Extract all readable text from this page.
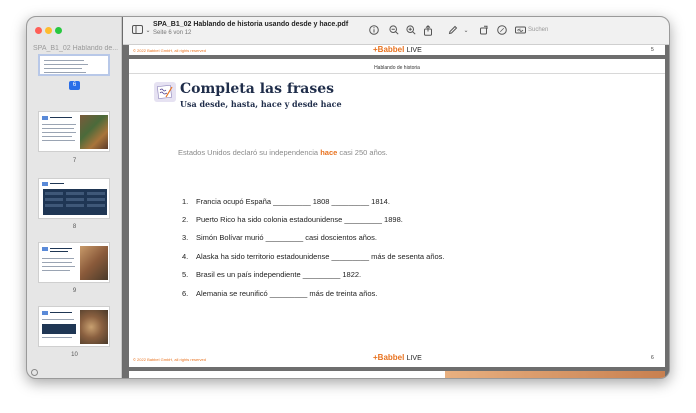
SPA_B1_02 Hablando de...
6
7
8
9
10
⌄
SPA_B1_02 Hablando de historia usando desde y hace.pdf
Seite 6 von 12	⌄	⌕ Suchen
© 2022 Babbel GmbH, all rights reserved	+Babbel LIVE	5
Hablando de historia
Completa las frases
Usa desde, hasta, hace y desde hace
Estados Unidos declaró su independencia hace casi 250 años.
1. Francia ocupó España _________ 1808 _________ 1814.
2. Puerto Rico ha sido colonia estadounidense _________ 1898.
3. Simón Bolívar murió _________ casi doscientos años.
4. Alaska ha sido territorio estadounidense _________ más de sesenta años.
5. Brasil es un país independiente _________ 1822.
6. Alemania se reunificó _________ más de treinta años.
© 2022 Babbel GmbH, all rights reserved	+Babbel LIVE	6
